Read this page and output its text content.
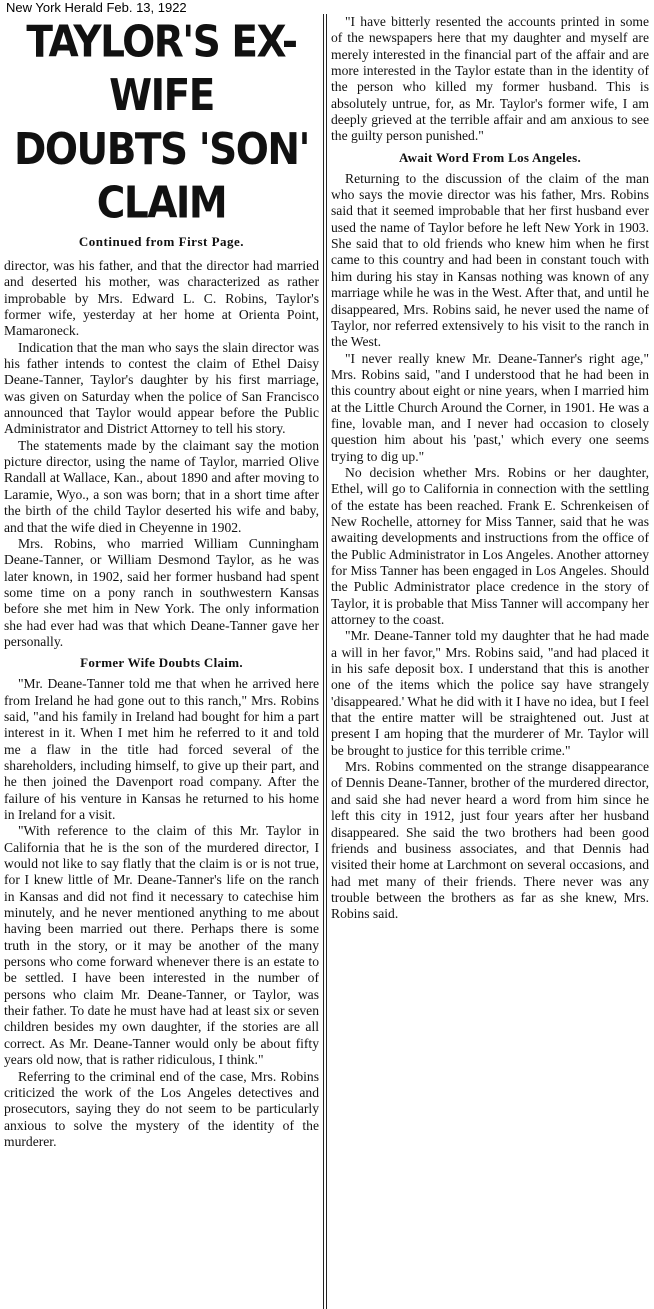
New York Herald Feb. 13, 1922
TAYLOR'S EX-WIFE
DOUBTS 'SON' CLAIM
Continued from First Page.

director, was his father, and that the director had married and deserted his mother, was characterized as rather improbable by Mrs. Edward L. C. Robins, Taylor's former wife, yesterday at her home at Orienta Point, Mamaroneck.

Indication that the man who says the slain director was his father intends to contest the claim of Ethel Daisy Deane-Tanner, Taylor's daughter by his first marriage, was given on Saturday when the police of San Francisco announced that Taylor would appear before the Public Administrator and District Attorney to tell his story.

The statements made by the claimant say the motion picture director, using the name of Taylor, married Olive Randall at Wallace, Kan., about 1890 and after moving to Laramie, Wyo., a son was born; that in a short time after the birth of the child Taylor deserted his wife and baby, and that the wife died in Cheyenne in 1902.

Mrs. Robins, who married William Cunningham Deane-Tanner, or William Desmond Taylor, as he was later known, in 1902, said her former husband had spent some time on a pony ranch in southwestern Kansas before she met him in New York. The only information she had ever had was that which Deane-Tanner gave her personally.

Former Wife Doubts Claim.

"Mr. Deane-Tanner told me that when he arrived here from Ireland he had gone out to this ranch," Mrs. Robins said, "and his family in Ireland had bought for him a part interest in it. When I met him he referred to it and told me a flaw in the title had forced several of the shareholders, including himself, to give up their part, and he then joined the Davenport road company. After the failure of his venture in Kansas he returned to his home in Ireland for a visit.

"With reference to the claim of this Mr. Taylor in California that he is the son of the murdered director, I would not like to say flatly that the claim is or is not true, for I knew little of Mr. Deane-Tanner's life on the ranch in Kansas and did not find it necessary to catechise him minutely, and he never mentioned anything to me about having been married out there. Perhaps there is some truth in the story, or it may be another of the many persons who come forward whenever there is an estate to be settled. I have been interested in the number of persons who claim Mr. Deane-Tanner, or Taylor, was their father. To date he must have had at least six or seven children besides my own daughter, if the stories are all correct. As Mr. Deane-Tanner would only be about fifty years old now, that is rather ridiculous, I think."

Referring to the criminal end of the case, Mrs. Robins criticized the work of the Los Angeles detectives and prosecutors, saying they do not seem to be particularly anxious to solve the mystery of the identity of the murderer.

"I have bitterly resented the accounts printed in some of the newspapers here that my daughter and myself are merely interested in the financial part of the affair and are more interested in the Taylor estate than in the identity of the person who killed my former husband. This is absolutely untrue, for, as Mr. Taylor's former wife, I am deeply grieved at the terrible affair and am anxious to see the guilty person punished."

Await Word From Los Angeles.

Returning to the discussion of the claim of the man who says the movie director was his father, Mrs. Robins said that it seemed improbable that her first husband ever used the name of Taylor before he left New York in 1903. She said that to old friends who knew him when he first came to this country and had been in constant touch with him during his stay in Kansas nothing was known of any marriage while he was in the West. After that, and until he disappeared, Mrs. Robins said, he never used the name of Taylor, nor referred extensively to his visit to the ranch in the West.

"I never really knew Mr. Deane-Tanner's right age," Mrs. Robins said, "and I understood that he had been in this country about eight or nine years, when I married him at the Little Church Around the Corner, in 1901. He was a fine, lovable man, and I never had occasion to closely question him about his 'past,' which every one seems trying to dig up."

No decision whether Mrs. Robins or her daughter, Ethel, will go to California in connection with the settling of the estate has been reached. Frank E. Schrenkeisen of New Rochelle, attorney for Miss Tanner, said that he was awaiting developments and instructions from the office of the Public Administrator in Los Angeles. Another attorney for Miss Tanner has been engaged in Los Angeles. Should the Public Administrator place credence in the story of Taylor, it is probable that Miss Tanner will accompany her attorney to the coast.

"Mr. Deane-Tanner told my daughter that he had made a will in her favor," Mrs. Robins said, "and had placed it in his safe deposit box. I understand that this is another one of the items which the police say have strangely 'disappeared.' What he did with it I have no idea, but I feel that the entire matter will be straightened out. Just at present I am hoping that the murderer of Mr. Taylor will be brought to justice for this terrible crime."

Mrs. Robins commented on the strange disappearance of Dennis Deane-Tanner, brother of the murdered director, and said she had never heard a word from him since he left this city in 1912, just four years after her husband disappeared. She said the two brothers had been good friends and business associates, and that Dennis had visited their home at Larchmont on several occasions, and had met many of their friends. There never was any trouble between the brothers as far as she knew, Mrs. Robins said.
